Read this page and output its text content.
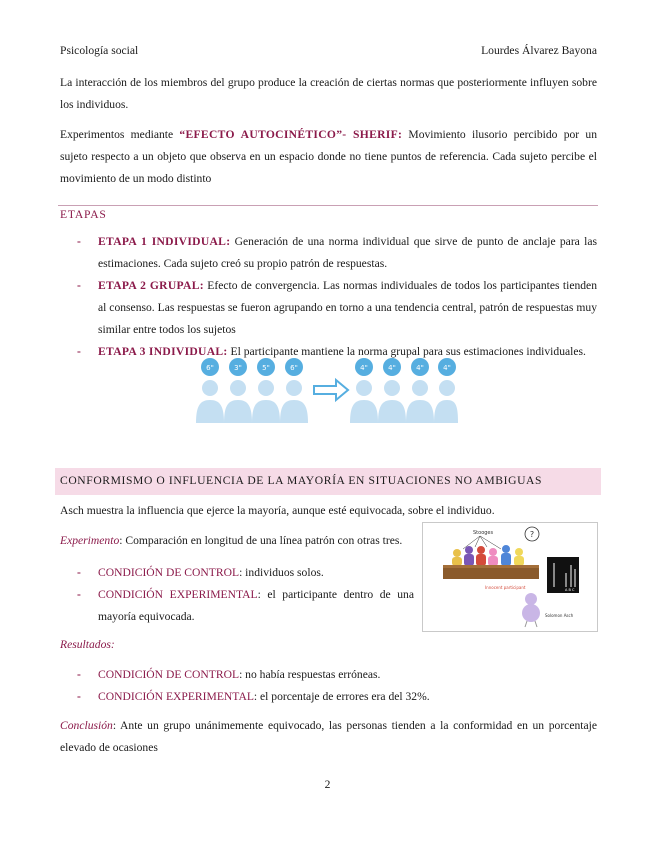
Psicología social	Lourdes Álvarez Bayona

La interacción de los miembros del grupo produce la creación de ciertas normas que posteriormente influyen sobre los individuos.

Experimentos mediante “EFECTO AUTOCINÉTICO”- SHERIF: Movimiento ilusorio percibido por un sujeto respecto a un objeto que observa en un espacio donde no tiene puntos de referencia. Cada sujeto percibe el movimiento de un modo distinto

ETAPAS
- ETAPA 1 INDIVIDUAL: Generación de una norma individual que sirve de punto de anclaje para las estimaciones. Cada sujeto creó su propio patrón de respuestas.
- ETAPA 2 GRUPAL: Efecto de convergencia. Las normas individuales de todos los participantes tienden al consenso. Las respuestas se fueron agrupando en torno a una tendencia central, patrón de respuestas muy similar entre todos los sujetos
- ETAPA 3 INDIVIDUAL: El participante mantiene la norma grupal para sus estimaciones individuales.
6"	3"	5"	6"	4"	4"	4"	4"
CONFORMISMO O INFLUENCIA DE LA MAYORÍA EN SITUACIONES NO AMBIGUAS
Asch muestra la influencia que ejerce la mayoría, aunque esté equivocada, sobre el individuo.
Experimento: Comparación en longitud de una línea patrón con otras tres.
- CONDICIÓN DE CONTROL: individuos solos.
- CONDICIÓN EXPERIMENTAL: el participante dentro de una mayoría equivocada.
Stooges	?
A B C
Innocent participant
Solomon Asch
Resultados:
- CONDICIÓN DE CONTROL: no había respuestas erróneas.
- CONDICIÓN EXPERIMENTAL: el porcentaje de errores era del 32%.

Conclusión: Ante un grupo unánimemente equivocado, las personas tienden a la conformidad en un porcentaje elevado de ocasiones

2
